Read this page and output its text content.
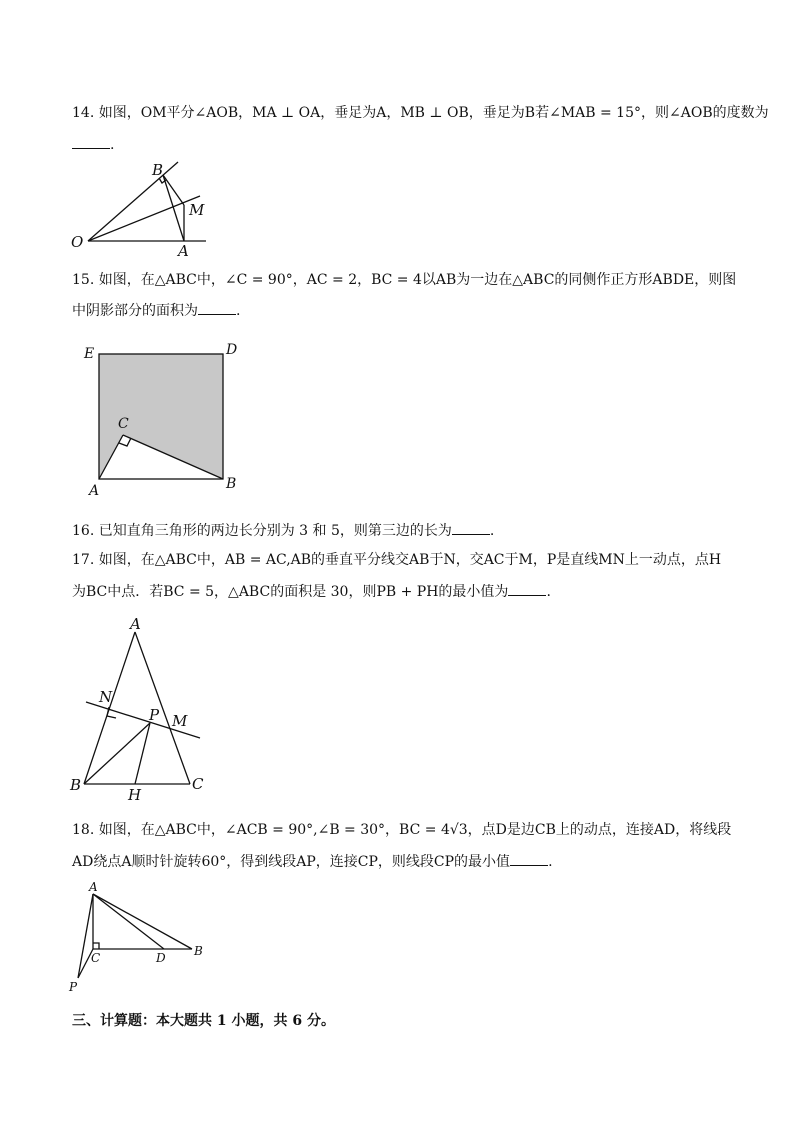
14. 如图，OM平分∠AOB，MA ⊥ OA，垂足为A，MB ⊥ OB，垂足为B若∠MAB = 15°，则∠AOB的度数为
.
B
M
O	A
15. 如图，在△ABC中，∠C = 90°，AC = 2，BC = 4以AB为一边在△ABC的同侧作正方形ABDE，则图
中阴影部分的面积为	.
E	D
C
A	B
16. 已知直角三角形的两边长分别为 3 和 5，则第三边的长为	.
17. 如图，在△ABC中，AB = AC,AB的垂直平分线交AB于N，交AC于M，P是直线MN上一动点，点H
为BC中点．若BC = 5，△ABC的面积是 30，则PB + PH的最小值为	.
A
N
P M
B
H
C
18. 如图，在△ABC中，∠ACB = 90°,∠B = 30°，BC = 4√3，点D是边CB上的动点，连接AD，将线段
AD绕点A顺时针旋转60°，得到线段AP，连接CP，则线段CP的最小值	.
A
C	D B
P
三、计算题：本大题共 1 小题，共 6 分。
